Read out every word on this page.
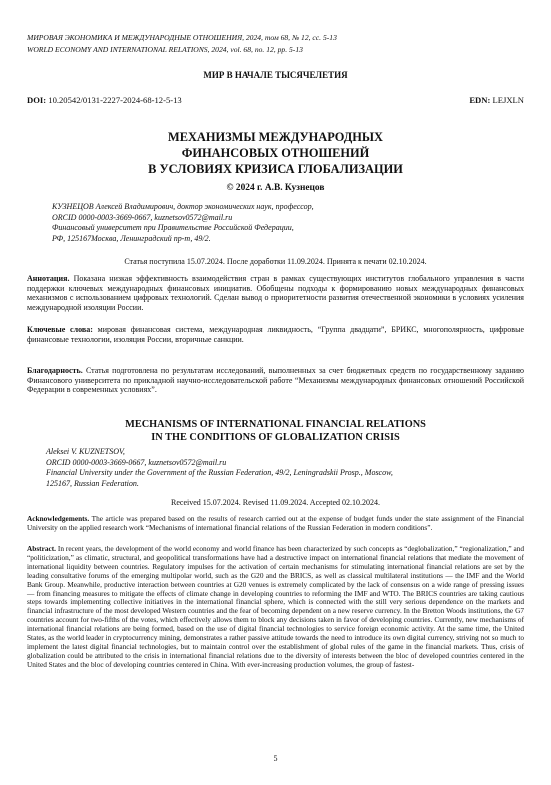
МИРОВАЯ ЭКОНОМИКА И МЕЖДУНАРОДНЫЕ ОТНОШЕНИЯ, 2024, том 68, № 12, сс. 5-13
WORLD ECONOMY AND INTERNATIONAL RELATIONS, 2024, vol. 68, no. 12, pp. 5-13
МИР В НАЧАЛЕ ТЫСЯЧЕЛЕТИЯ
DOI: 10.20542/0131-2227-2024-68-12-5-13	EDN: LEJXLN
МЕХАНИЗМЫ МЕЖДУНАРОДНЫХ
ФИНАНСОВЫХ ОТНОШЕНИЙ
В УСЛОВИЯХ КРИЗИСА ГЛОБАЛИЗАЦИИ
© 2024 г. А.В. Кузнецов
КУЗНЕЦОВ Алексей Владимирович, доктор экономических наук, профессор,
ORCID 0000-0003-3669-0667, kuznetsov0572@mail.ru
Финансовый университет при Правительстве Российской Федерации,
РФ, 125167Москва, Ленинградский пр-т, 49/2.
Статья поступила 15.07.2024. После доработки 11.09.2024. Принята к печати 02.10.2024.
Аннотация. Показана низкая эффективность взаимодействия стран в рамках существующих институтов глобального управления в части поддержки ключевых международных финансовых инициатив. Обобщены подходы к формированию новых международных финансовых механизмов с использованием цифровых технологий. Сделан вывод о приоритетности развития отечественной экономики в условиях усиления международной изоляции России.
Ключевые слова: мировая финансовая система, международная ликвидность, “Группа двадцати”, БРИКС, многополярность, цифровые финансовые технологии, изоляция России, вторичные санкции.
Благодарность. Статья подготовлена по результатам исследований, выполненных за счет бюджетных средств по государственному заданию Финансового университета по прикладной научно-исследовательской работе “Механизмы международных финансовых отношений Российской Федерации в современных условиях”.
MECHANISMS OF INTERNATIONAL FINANCIAL RELATIONS
IN THE CONDITIONS OF GLOBALIZATION CRISIS
Aleksei V. KUZNETSOV,
ORCID 0000-0003-3669-0667, kuznetsov0572@mail.ru
Financial University under the Government of the Russian Federation, 49/2, Leningradskii Prosp., Moscow,
125167, Russian Federation.
Received 15.07.2024. Revised 11.09.2024. Accepted 02.10.2024.
Acknowledgements. The article was prepared based on the results of research carried out at the expense of budget funds under the state assignment of the Financial University on the applied research work “Mechanisms of international financial relations of the Russian Federation in modern conditions”.
Abstract. In recent years, the development of the world economy and world finance has been characterized by such concepts as “deglobalization,” “regionalization,” and “politicization,” as climatic, structural, and geopolitical transformations have had a destructive impact on international financial relations that mediate the movement of international liquidity between countries. Regulatory impulses for the activation of certain mechanisms for stimulating international financial relations are set by the leading consultative forums of the emerging multipolar world, such as the G20 and the BRICS, as well as classical multilateral institutions — the IMF and the World Bank Group. Meanwhile, productive interaction between countries at G20 venues is extremely complicated by the lack of consensus on a wide range of pressing issues — from financing measures to mitigate the effects of climate change in developing countries to reforming the IMF and WTO. The BRICS countries are taking cautious steps towards implementing collective initiatives in the international financial sphere, which is connected with the still very serious dependence on the markets and financial infrastructure of the most developed Western countries and the fear of becoming dependent on a new reserve currency. In the Bretton Woods institutions, the G7 countries account for two-fifths of the votes, which effectively allows them to block any decisions taken in favor of developing countries. Currently, new mechanisms of international financial relations are being formed, based on the use of digital financial technologies to service foreign economic activity. At the same time, the United States, as the world leader in cryptocurrency mining, demonstrates a rather passive attitude towards the need to introduce its own digital currency, striving not so much to implement the latest digital financial technologies, but to maintain control over the establishment of global rules of the game in the financial markets. Thus, crisis of globalization could be attributed to the crisis in international financial relations due to the diversity of interests between the bloc of developed countries centered in the United States and the bloc of developing countries centered in China. With ever-increasing production volumes, the group of fastest-
5
